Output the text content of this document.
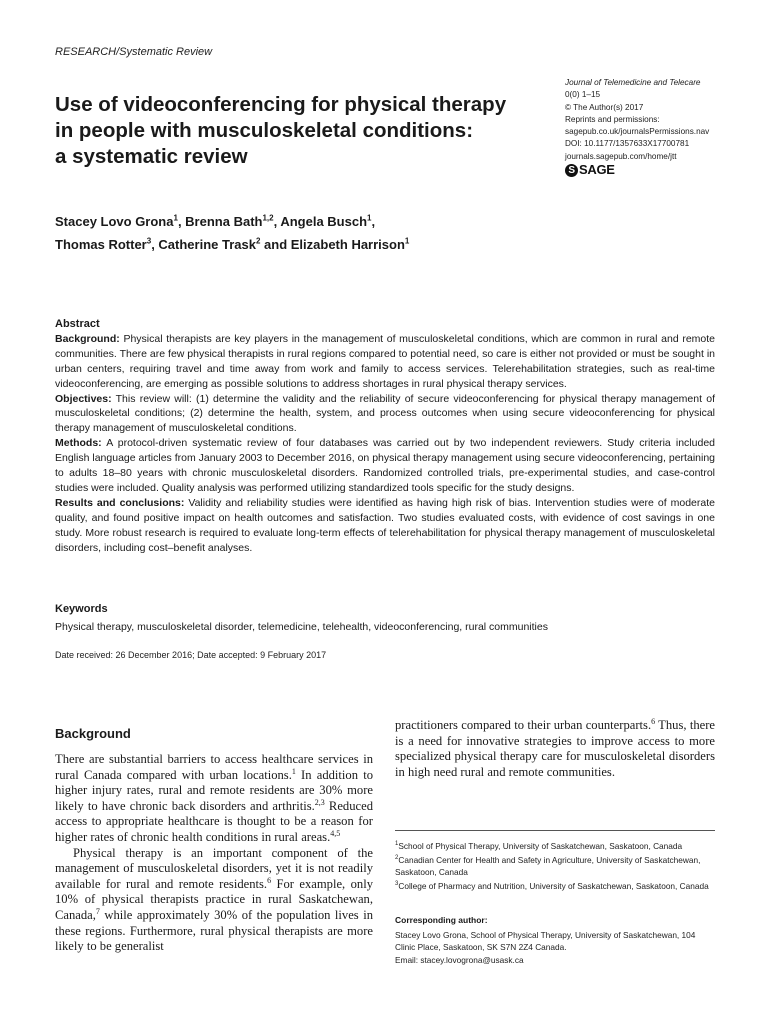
RESEARCH/Systematic Review
Use of videoconferencing for physical therapy
in people with musculoskeletal conditions:
a systematic review
Journal of Telemedicine and Telecare
0(0) 1–15
© The Author(s) 2017
Reprints and permissions:
sagepub.co.uk/journalsPermissions.nav
DOI: 10.1177/1357633X17700781
journals.sagepub.com/home/jtt
S SAGE
Stacey Lovo Grona$^1$, Brenna Bath$^{1,2}$, Angela Busch$^1$,
Thomas Rotter$^3$, Catherine Trask$^2$ and Elizabeth Harrison$^1$

Abstract

Background: Physical therapists are key players in the management of musculoskeletal conditions, which are common in rural and remote communities. There are few physical therapists in rural regions compared to potential need, so care is either not provided or must be sought in urban centers, requiring travel and time away from work and family to access services. Telerehabilitation strategies, such as real-time videoconferencing, are emerging as possible solutions to address shortages in rural physical therapy services.

Objectives: This review will: (1) determine the validity and the reliability of secure videoconferencing for physical therapy management of musculoskeletal conditions; (2) determine the health, system, and process outcomes when using secure videoconferencing for physical therapy management of musculoskeletal conditions.

Methods: A protocol-driven systematic review of four databases was carried out by two independent reviewers. Study criteria included English language articles from January 2003 to December 2016, on physical therapy management using secure videoconferencing, pertaining to adults 18–80 years with chronic musculoskeletal disorders. Randomized controlled trials, pre-experimental studies, and case-control studies were included. Quality analysis was performed utilizing standardized tools specific for the study designs.

Results and conclusions: Validity and reliability studies were identified as having high risk of bias. Intervention studies were of moderate quality, and found positive impact on health outcomes and satisfaction. Two studies evaluated costs, with evidence of cost savings in one study. More robust research is required to evaluate long-term effects of telerehabilitation for physical therapy management of musculoskeletal disorders, including cost–benefit analyses.

Keywords
Physical therapy, musculoskeletal disorder, telemedicine, telehealth, videoconferencing, rural communities
Date received: 26 December 2016; Date accepted: 9 February 2017
Background

There are substantial barriers to access healthcare services in rural Canada compared with urban locations.$^1$ In addition to higher injury rates, rural and remote residents are 30% more likely to have chronic back disorders and arthritis.$^{2,3}$ Reduced access to appropriate healthcare is thought to be a reason for higher rates of chronic health conditions in rural areas.$^{4,5}$

Physical therapy is an important component of the management of musculoskeletal disorders, yet it is not readily available for rural and remote residents.$^6$ For example, only 10% of physical therapists practice in rural Saskatchewan, Canada,$^7$ while approximately 30% of the population lives in these regions. Furthermore, rural physical therapists are more likely to be generalist

practitioners compared to their urban counterparts.$^6$ Thus, there is a need for innovative strategies to improve access to more specialized physical therapy care for musculoskeletal disorders in high need rural and remote communities.

$^1$School of Physical Therapy, University of Saskatchewan, Saskatoon, Canada
$^2$Canadian Center for Health and Safety in Agriculture, University of Saskatchewan, Saskatoon, Canada
$^3$College of Pharmacy and Nutrition, University of Saskatchewan, Saskatoon, Canada
Corresponding author:
Stacey Lovo Grona, School of Physical Therapy, University of Saskatchewan, 104 Clinic Place, Saskatoon, SK S7N 2Z4 Canada.
Email: stacey.lovogrona@usask.ca
